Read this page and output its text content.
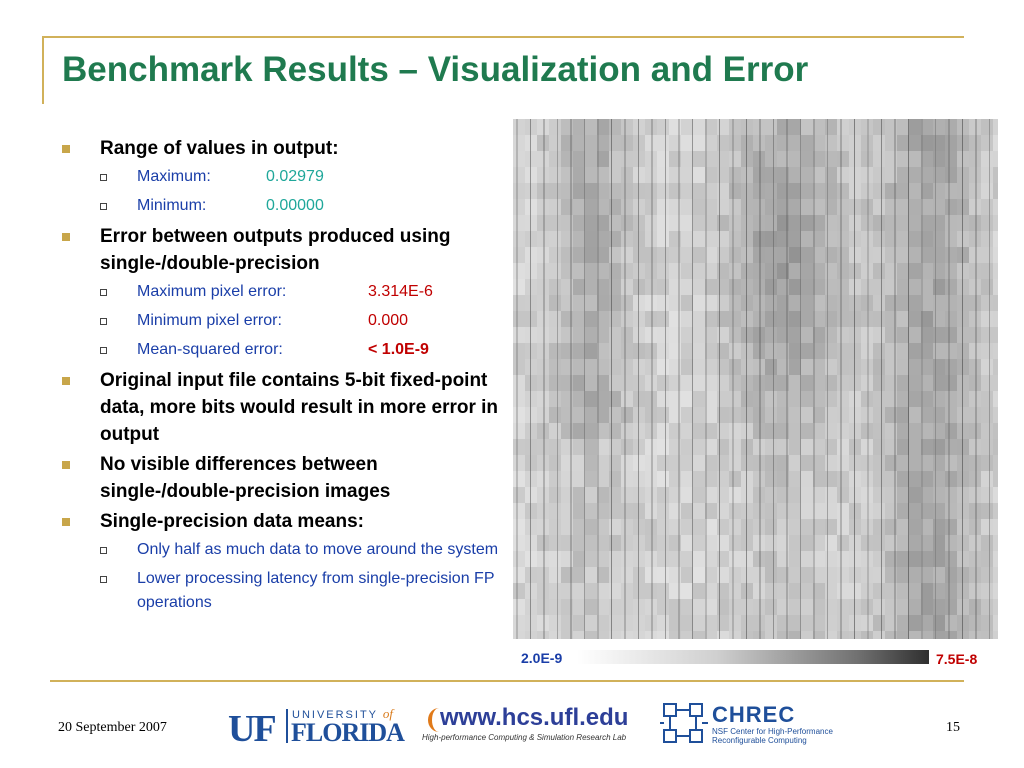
Benchmark Results – Visualization and Error
Range of values in output:
Maximum:	0.02979
Minimum:	0.00000
Error between outputs produced using single-/double-precision
Maximum pixel error:	3.314E-6
Minimum pixel error:	0.000
Mean-squared error:	< 1.0E-9
Original input file contains 5-bit fixed-point data, more bits would result in more error in output
No visible differences between single-/double-precision images
Single-precision data means:
Only half as much data to move around the system
Lower processing latency from single-precision FP operations
2.0E-9	7.5E-8
20 September 2007 UF UNIVERSITY of
FLORIDA
www.hcs.ufl.edu
High-performance Computing & Simulation Research Lab
CHREC
NSF Center for High-Performance
Reconfigurable Computing
15
